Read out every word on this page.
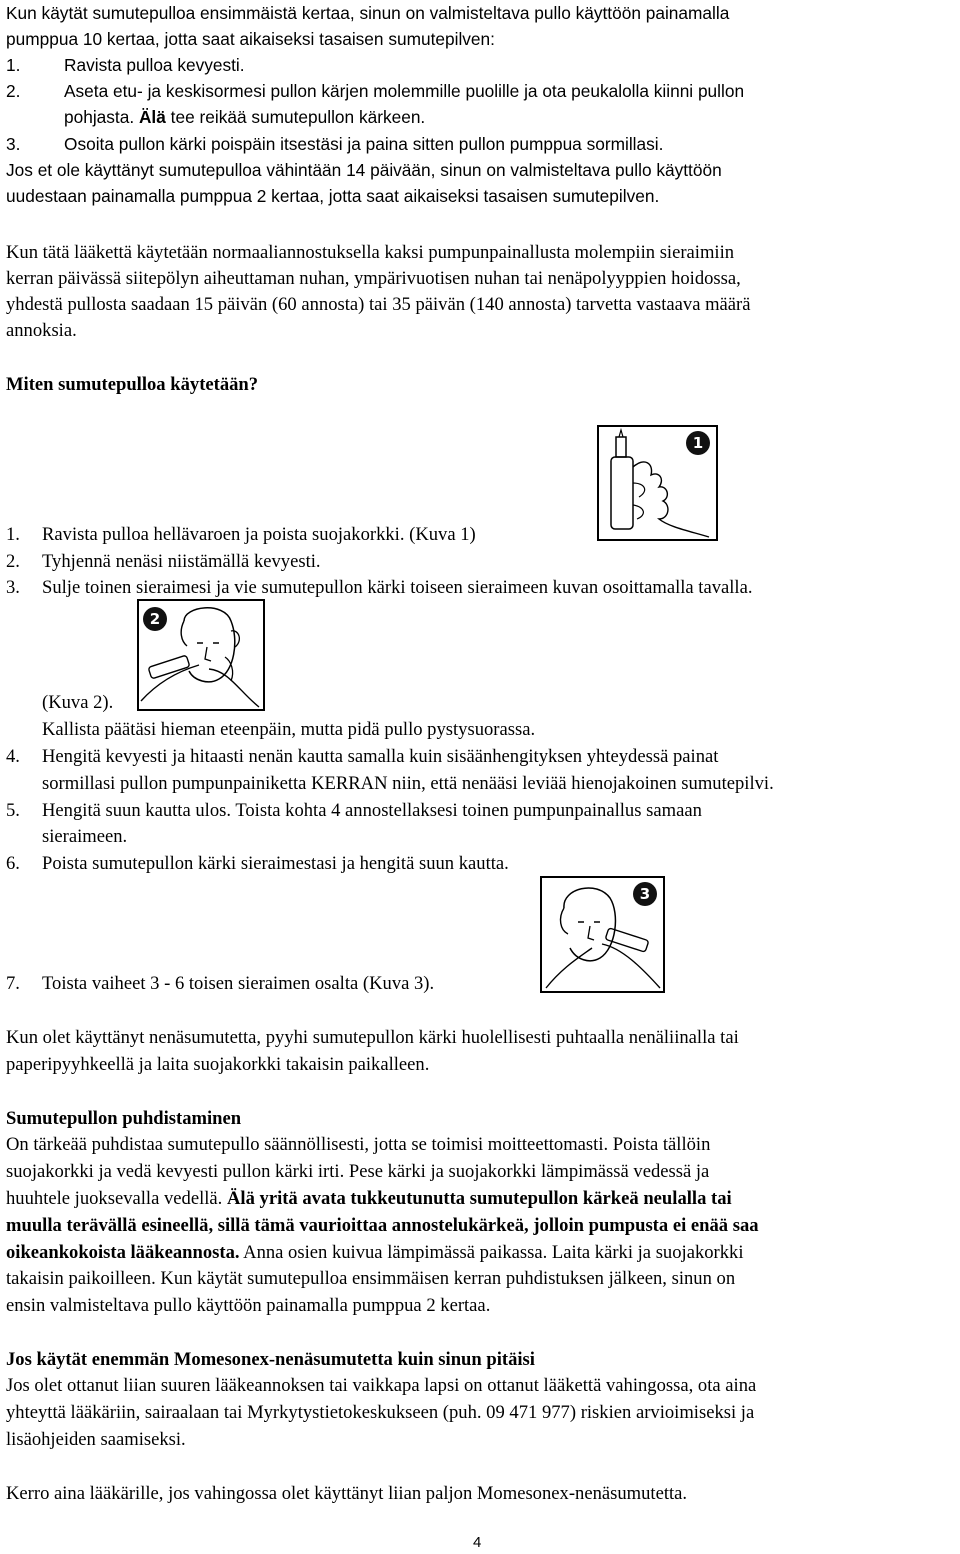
Kun käytät sumutepulloa ensimmäistä kertaa, sinun on valmisteltava pullo käyttöön painamalla
pumppua 10 kertaa, jotta saat aikaiseksi tasaisen sumutepilven:
1.	Ravista pulloa kevyesti.
2.	Aseta etu- ja keskisormesi pullon kärjen molemmille puolille ja ota peukalolla kiinni pullon
pohjasta. Älä tee reikää sumutepullon kärkeen.
3.	Osoita pullon kärki poispäin itsestäsi ja paina sitten pullon pumppua sormillasi.
Jos et ole käyttänyt sumutepulloa vähintään 14 päivään, sinun on valmisteltava pullo käyttöön
uudestaan painamalla pumppua 2 kertaa, jotta saat aikaiseksi tasaisen sumutepilven.
Kun tätä lääkettä käytetään normaaliannostuksella kaksi pumpunpainallusta molempiin sieraimiin
kerran päivässä siitepölyn aiheuttaman nuhan, ympärivuotisen nuhan tai nenäpolyyppien hoidossa,
yhdestä pullosta saadaan 15 päivän (60 annosta) tai 35 päivän (140 annosta) tarvetta vastaava määrä
annoksia.
Miten sumutepulloa käytetään?
1
1. Ravista pulloa hellävaroen ja poista suojakorkki. (Kuva 1)
2. Tyhjennä nenäsi niistämällä kevyesti.
3. Sulje toinen sieraimesi ja vie sumutepullon kärki toiseen sieraimeen kuvan osoittamalla tavalla.
2
(Kuva 2).
Kallista päätäsi hieman eteenpäin, mutta pidä pullo pystysuorassa.
4. Hengitä kevyesti ja hitaasti nenän kautta samalla kuin sisäänhengityksen yhteydessä painat
sormillasi pullon pumpunpainiketta KERRAN niin, että nenääsi leviää hienojakoinen sumutepilvi.
5. Hengitä suun kautta ulos. Toista kohta 4 annostellaksesi toinen pumpunpainallus samaan
sieraimeen.
6. Poista sumutepullon kärki sieraimestasi ja hengitä suun kautta.
3
7. Toista vaiheet 3 - 6 toisen sieraimen osalta (Kuva 3).
Kun olet käyttänyt nenäsumutetta, pyyhi sumutepullon kärki huolellisesti puhtaalla nenäliinalla tai
paperipyyhkeellä ja laita suojakorkki takaisin paikalleen.
Sumutepullon puhdistaminen
On tärkeää puhdistaa sumutepullo säännöllisesti, jotta se toimisi moitteettomasti. Poista tällöin
suojakorkki ja vedä kevyesti pullon kärki irti. Pese kärki ja suojakorkki lämpimässä vedessä ja
huuhtele juoksevalla vedellä. Älä yritä avata tukkeutunutta sumutepullon kärkeä neulalla tai
muulla terävällä esineellä, sillä tämä vaurioittaa annostelukärkeä, jolloin pumpusta ei enää saa
oikeankokoista lääkeannosta. Anna osien kuivua lämpimässä paikassa. Laita kärki ja suojakorkki
takaisin paikoilleen. Kun käytät sumutepulloa ensimmäisen kerran puhdistuksen jälkeen, sinun on
ensin valmisteltava pullo käyttöön painamalla pumppua 2 kertaa.
Jos käytät enemmän Momesonex-nenäsumutetta kuin sinun pitäisi
Jos olet ottanut liian suuren lääkeannoksen tai vaikkapa lapsi on ottanut lääkettä vahingossa, ota aina
yhteyttä lääkäriin, sairaalaan tai Myrkytystietokeskukseen (puh. 09 471 977) riskien arvioimiseksi ja
lisäohjeiden saamiseksi.
Kerro aina lääkärille, jos vahingossa olet käyttänyt liian paljon Momesonex-nenäsumutetta.
4
